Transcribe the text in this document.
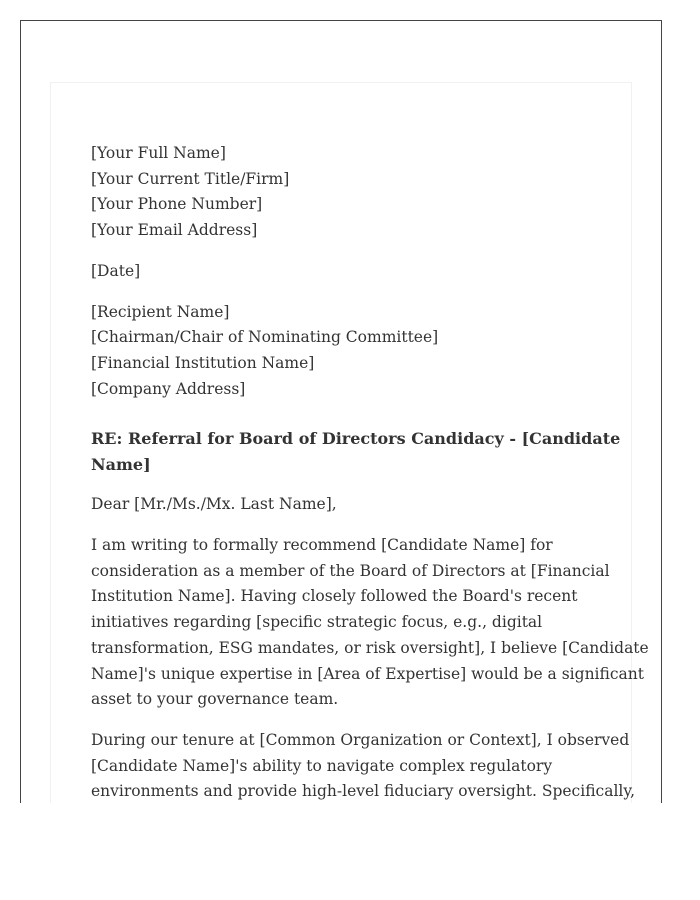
[Your Full Name]
[Your Current Title/Firm]
[Your Phone Number]
[Your Email Address]
[Date]
[Recipient Name]
[Chairman/Chair of Nominating Committee]
[Financial Institution Name]
[Company Address]
RE: Referral for Board of Directors Candidacy - [Candidate
Name]
Dear [Mr./Ms./Mx. Last Name],
I am writing to formally recommend [Candidate Name] for
consideration as a member of the Board of Directors at [Financial
Institution Name]. Having closely followed the Board's recent
initiatives regarding [specific strategic focus, e.g., digital
transformation, ESG mandates, or risk oversight], I believe [Candidate
Name]'s unique expertise in [Area of Expertise] would be a significant
asset to your governance team.
During our tenure at [Common Organization or Context], I observed
[Candidate Name]'s ability to navigate complex regulatory
environments and provide high-level fiduciary oversight. Specifically,
